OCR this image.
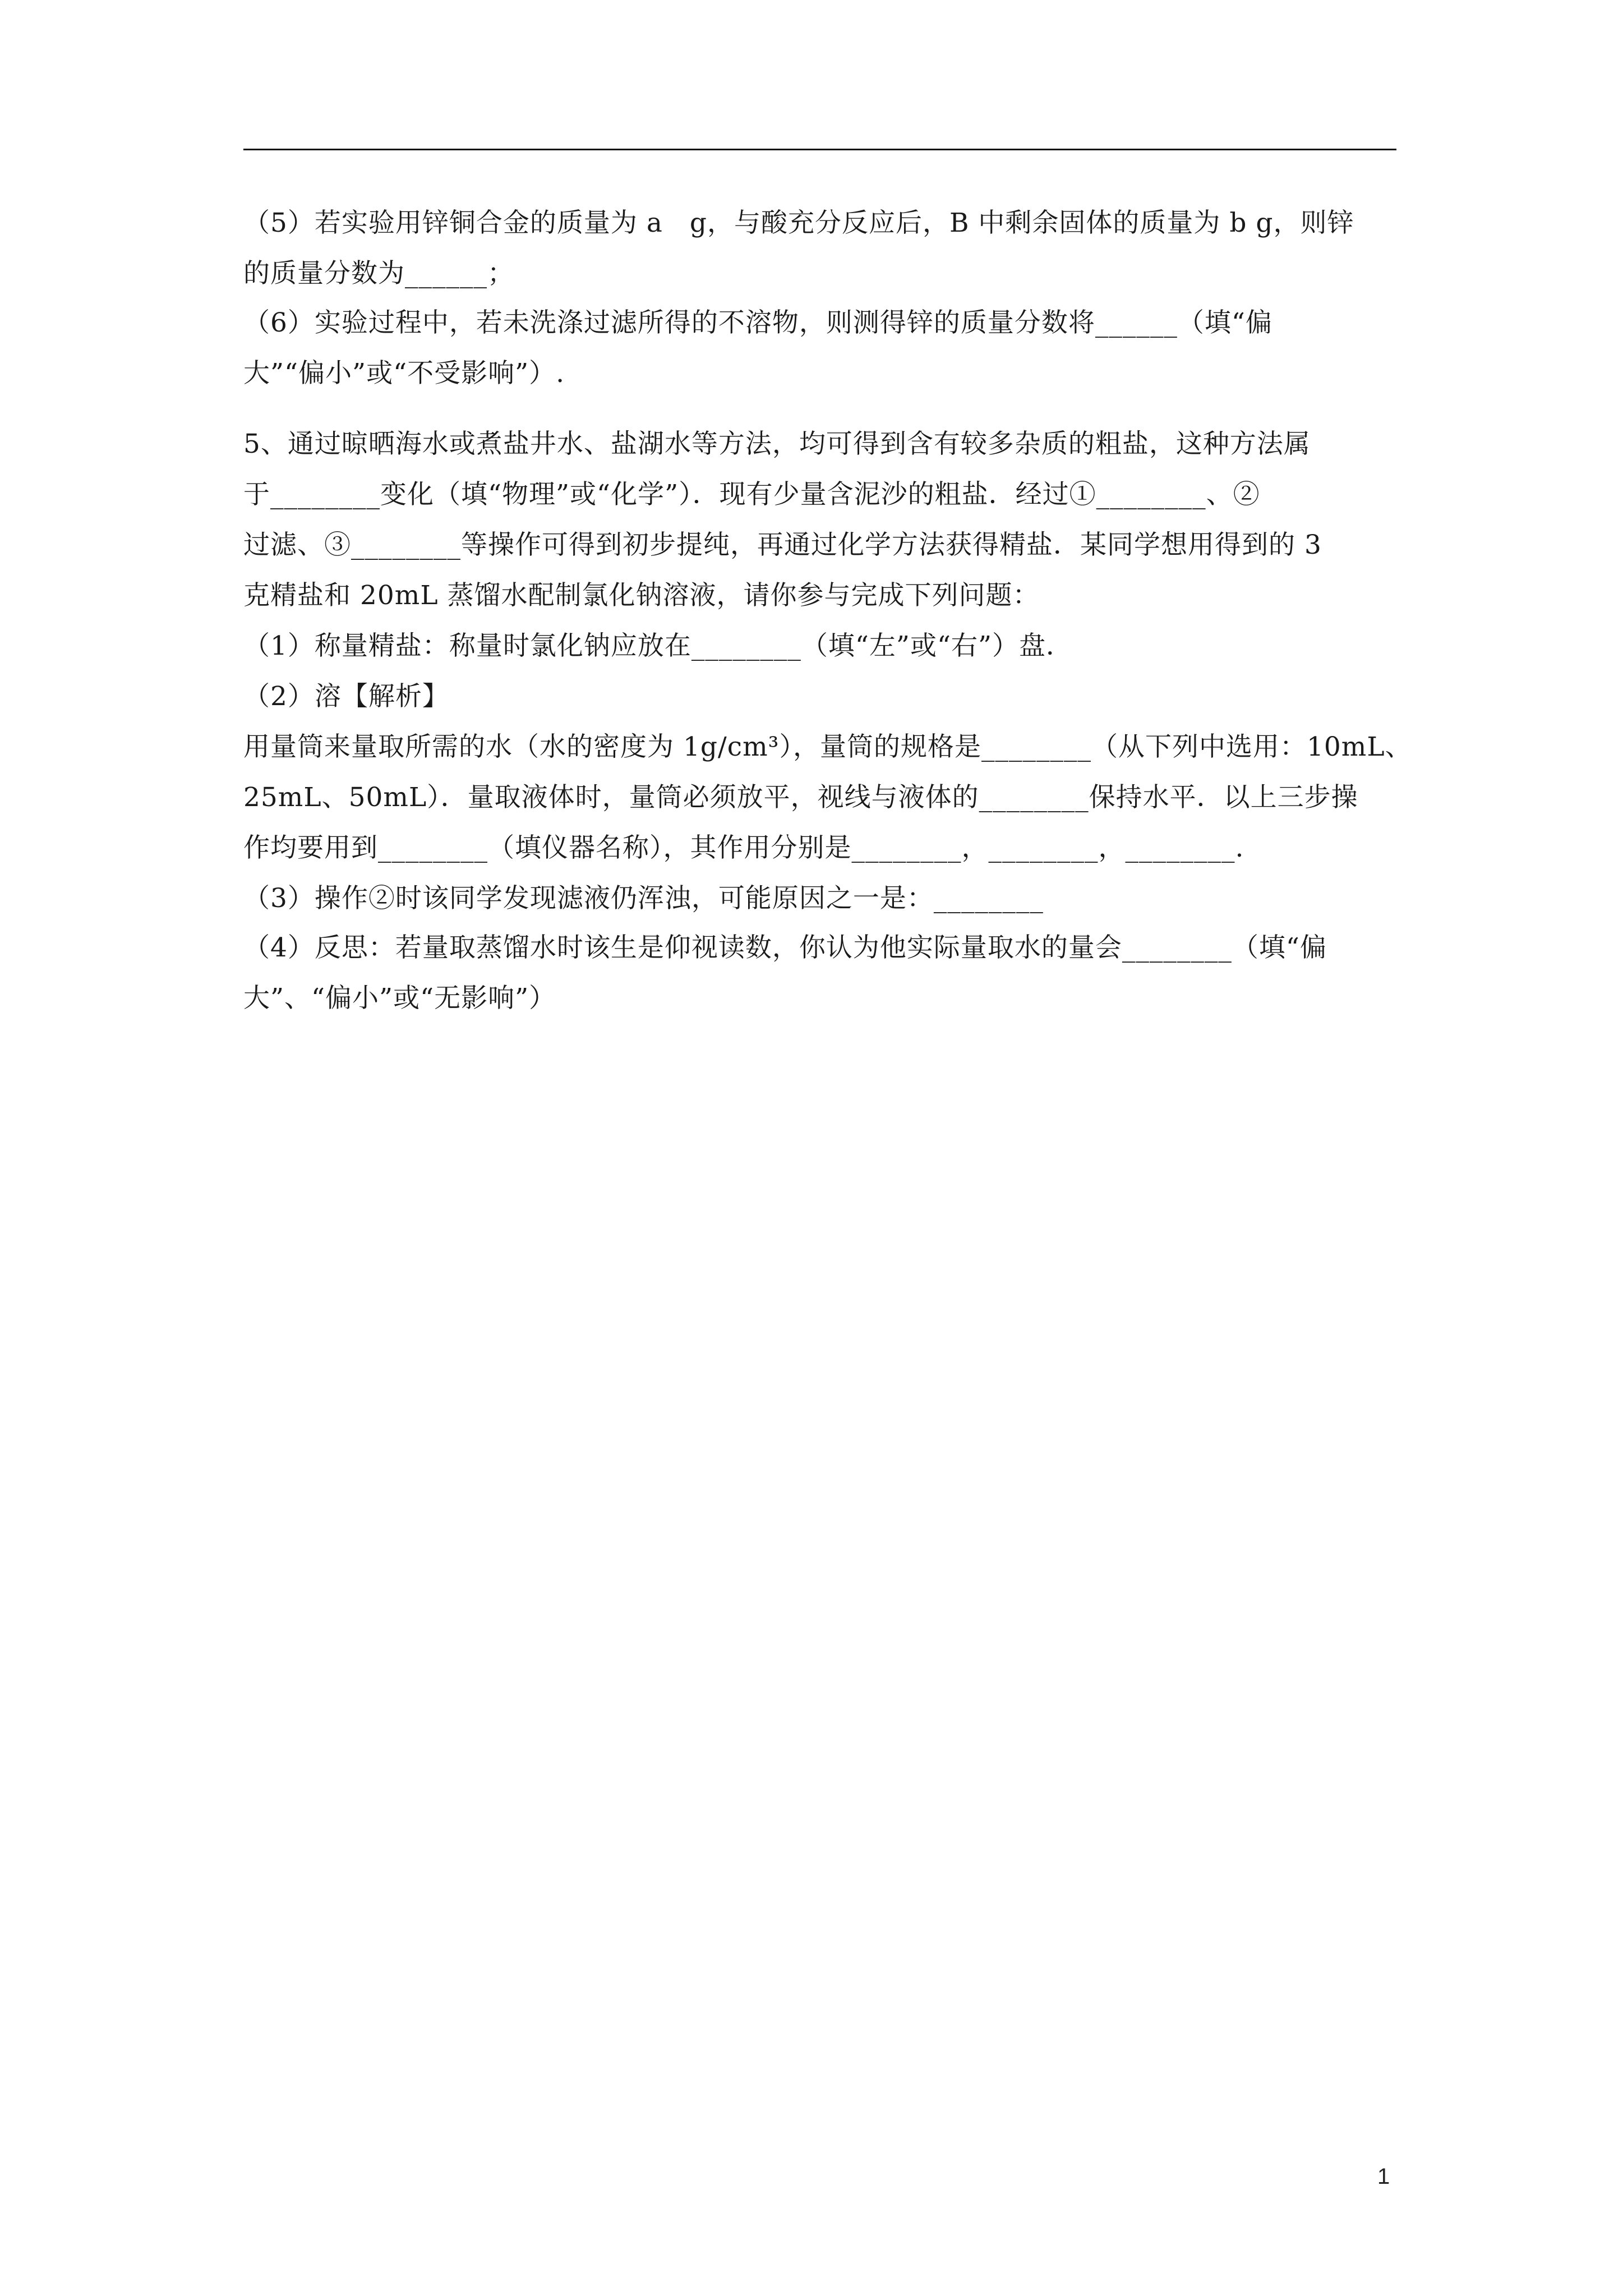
（5）若实验用锌铜合金的质量为 a　g，与酸充分反应后，B 中剩余固体的质量为 b g，则锌
的质量分数为______；
（6）实验过程中，若未洗涤过滤所得的不溶物，则测得锌的质量分数将______（填“偏
大”“偏小”或“不受影响”）.
5、通过晾晒海水或煮盐井水、盐湖水等方法，均可得到含有较多杂质的粗盐，这种方法属
于________变化（填“物理”或“化学”）．现有少量含泥沙的粗盐．经过①________、②
过滤、③________等操作可得到初步提纯，再通过化学方法获得精盐．某同学想用得到的 3
克精盐和 20mL 蒸馏水配制氯化钠溶液，请你参与完成下列问题：
（1）称量精盐：称量时氯化钠应放在________（填“左”或“右”）盘．
（2）溶【解析】
用量筒来量取所需的水（水的密度为 1g/cm³），量筒的规格是________（从下列中选用：10mL、
25mL、50mL）．量取液体时，量筒必须放平，视线与液体的________保持水平．以上三步操
作均要用到________（填仪器名称），其作用分别是________，________，________.
（3）操作②时该同学发现滤液仍浑浊，可能原因之一是：________
（4）反思：若量取蒸馏水时该生是仰视读数，你认为他实际量取水的量会________（填“偏
大”、“偏小”或“无影响”）
1
